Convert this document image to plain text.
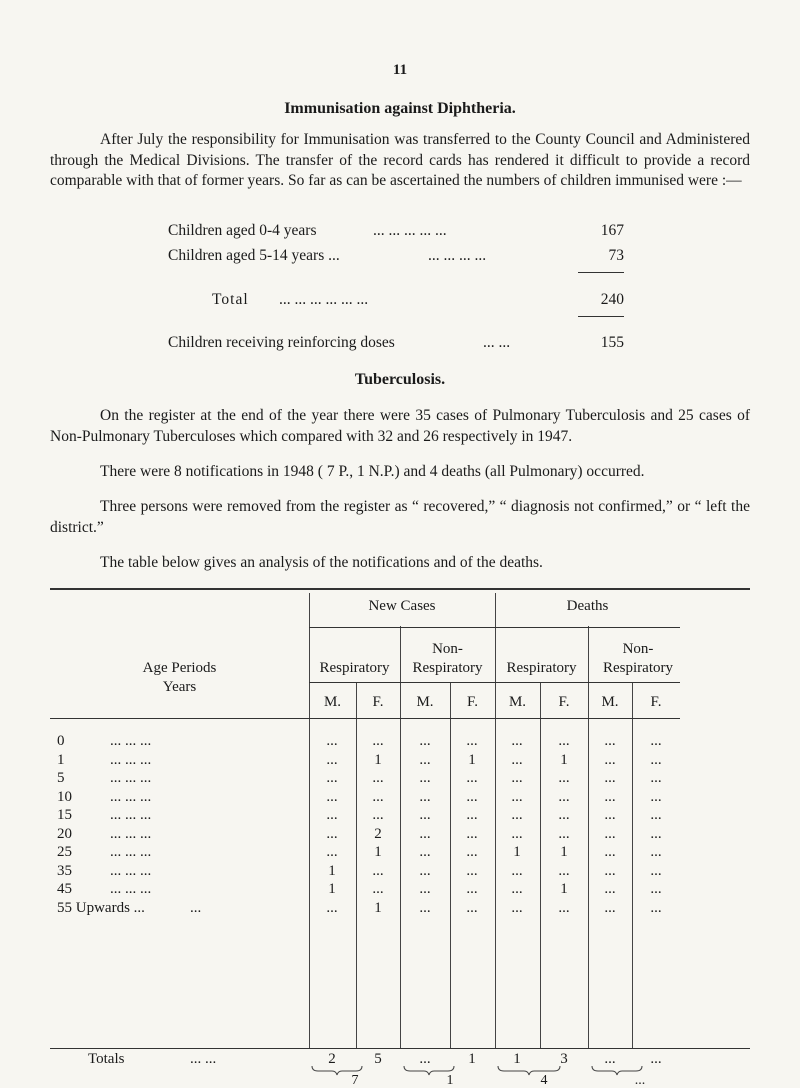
11
Immunisation against Diphtheria.
After July the responsibility for Immunisation was transferred to the County Council and Administered through the Medical Divisions. The transfer of the record cards has rendered it difficult to provide a record comparable with that of former years. So far as can be ascertained the numbers of children immunised were :—
Children aged 0-4 years	... ... ... ... ...	167
Children aged 5-14 years ...	... ... ... ...	73
Total ... ... ... ... ... ...	240
Children receiving reinforcing doses	... ...	155
Tuberculosis.
On the register at the end of the year there were 35 cases of Pulmonary Tuberculosis and 25 cases of Non-Pulmonary Tuberculoses which compared with 32 and 26 respectively in 1947.
There were 8 notifications in 1948 ( 7 P., 1 N.P.) and 4 deaths (all Pulmonary) occurred.
Three persons were removed from the register as “ recovered,” “ diagnosis not confirmed,” or “ left the district.”
The table below gives an analysis of the notifications and of the deaths.
Age Periods
Years
New Cases	Deaths
Respiratory
Non-
Respiratory	Respiratory
Non-
Respiratory
M.	F.	M.	F.	M.	F.	M.	F.
0	... ... ...	...	...	...	...	...	...	...	...
1	... ... ...	...	1	...	1	...	1	...	...
5	... ... ...	...	...	...	...	...	...	...	...
10	... ... ...	...	...	...	...	...	...	...	...
15	... ... ...	...	...	...	...	...	...	...	...
20	... ... ...	...	2	...	...	...	...	...	...
25	... ... ...	...	1	...	...	1	1	...	...
35	... ... ...	1	...	...	...	...	...	...	...
45	... ... ...	1	...	...	...	...	1	...	...
55 Upwards ...	...	...	1	...	...	...	...	...	...
Totals	... ...	2	5	...	1	1	3	...	...
7	1	4	...
